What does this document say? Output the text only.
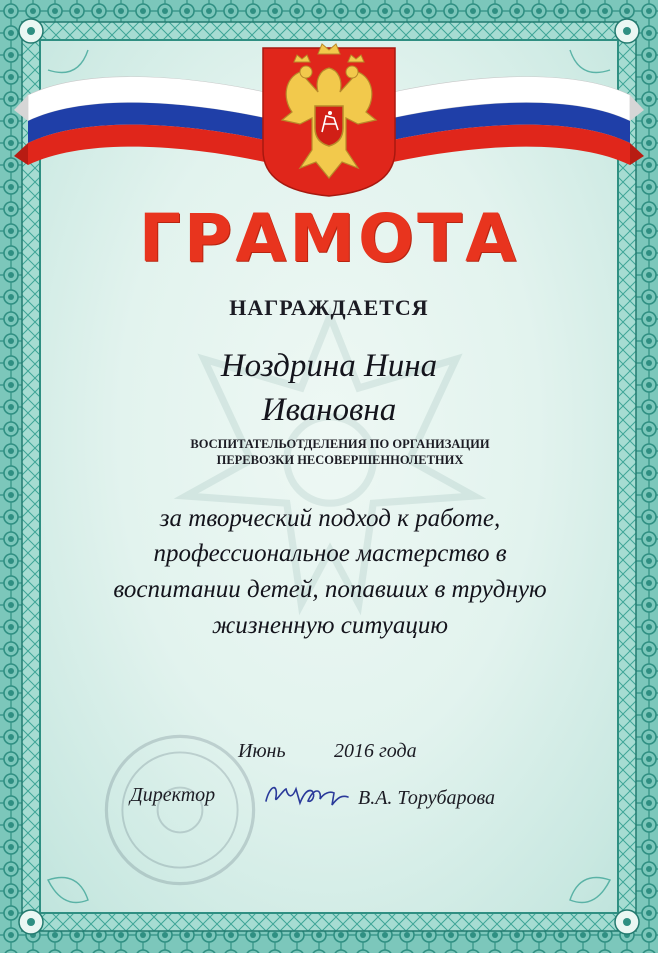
ГРАМОТА
НАГРАЖДАЕТСЯ
Ноздрина Нина
Ивановна
ВОСПИТАТЕЛЬОТДЕЛЕНИЯ ПО ОРГАНИЗАЦИИ
ПЕРЕВОЗКИ НЕСОВЕРШЕННОЛЕТНИХ
за творческий подход к работе,
профессиональное мастерство в
воспитании детей, попавших в трудную
жизненную ситуацию
Июнь 2016 года
Директор	В.А. Торубарова
